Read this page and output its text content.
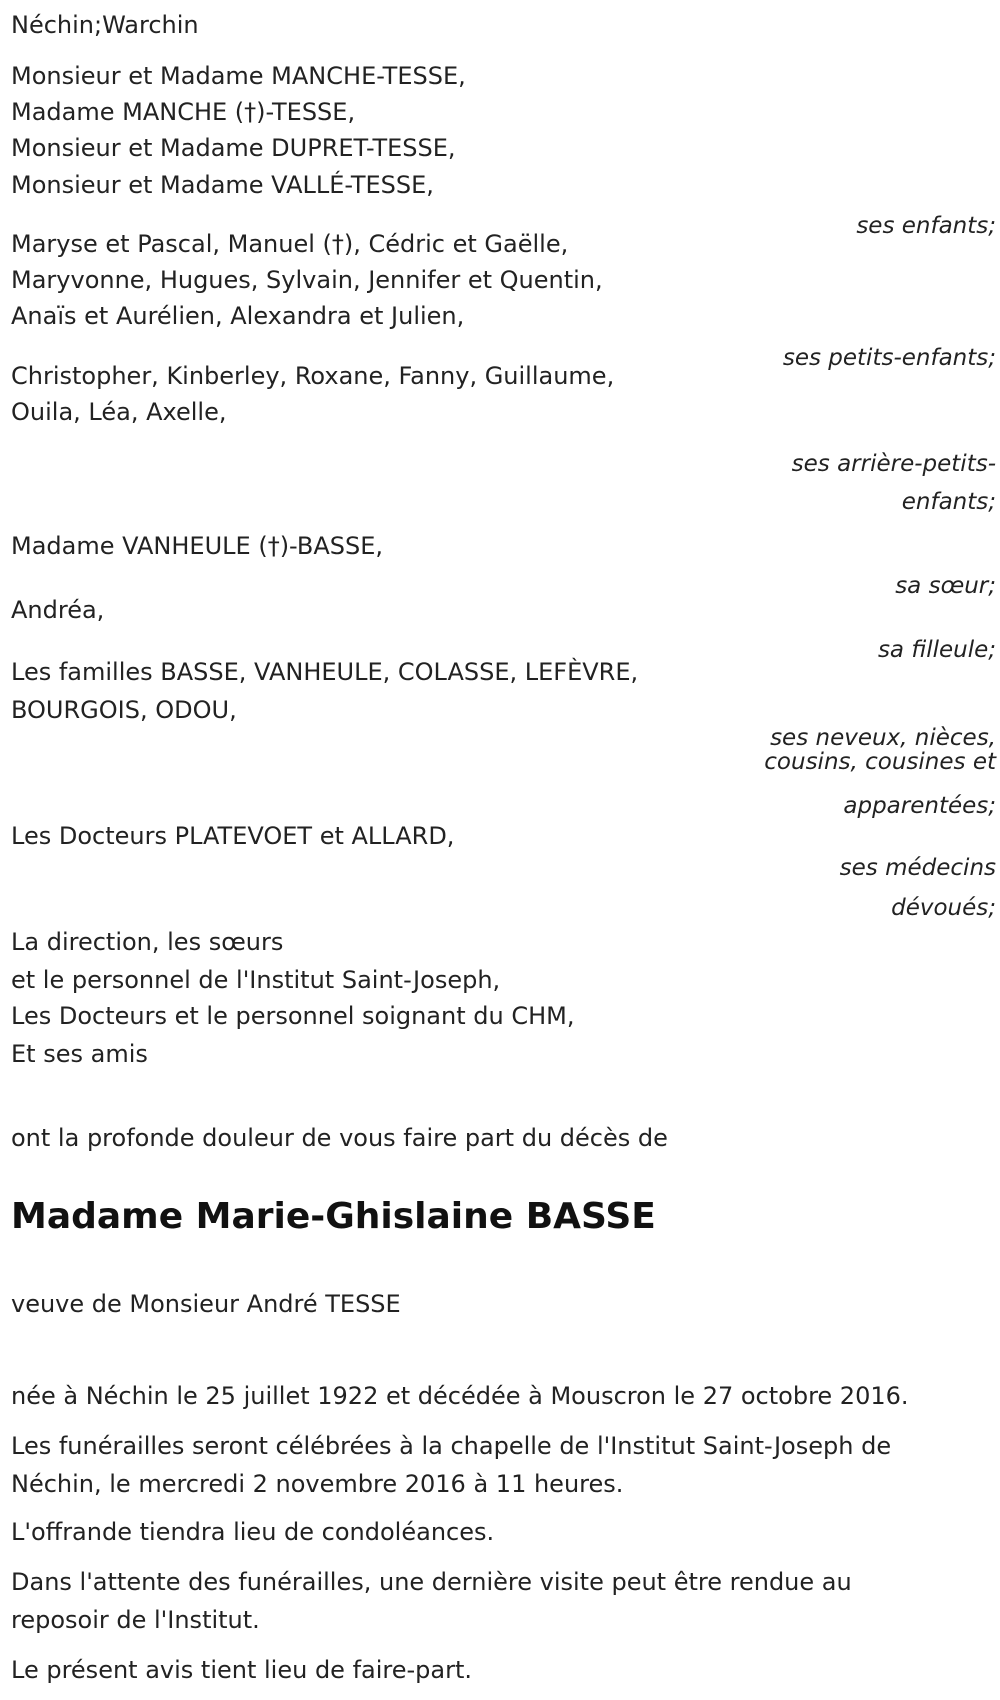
Néchin;Warchin
Monsieur et Madame MANCHE-TESSE,
Madame MANCHE (†)-TESSE,
Monsieur et Madame DUPRET-TESSE,
Monsieur et Madame VALLÉ-TESSE,
ses enfants;
Maryse et Pascal, Manuel (†), Cédric et Gaëlle,
Maryvonne, Hugues, Sylvain, Jennifer et Quentin,
Anaïs et Aurélien, Alexandra et Julien,
ses petits-enfants;
Christopher, Kinberley, Roxane, Fanny, Guillaume,
Ouila, Léa, Axelle,
ses arrière-petits-
enfants;
Madame VANHEULE (†)-BASSE,
sa sœur;
Andréa,
sa filleule;
Les familles BASSE, VANHEULE, COLASSE, LEFÈVRE,
BOURGOIS, ODOU,
ses neveux, nièces,
cousins, cousines et
apparentées;
Les Docteurs PLATEVOET et ALLARD,
ses médecins
dévoués;
La direction, les sœurs
et le personnel de l'Institut Saint-Joseph,
Les Docteurs et le personnel soignant du CHM,
Et ses amis
ont la profonde douleur de vous faire part du décès de
Madame Marie-Ghislaine BASSE
veuve de Monsieur André TESSE
née à Néchin le 25 juillet 1922 et décédée à Mouscron le 27 octobre 2016.
Les funérailles seront célébrées à la chapelle de l'Institut Saint-Joseph de
Néchin, le mercredi 2 novembre 2016 à 11 heures.
L'offrande tiendra lieu de condoléances.
Dans l'attente des funérailles, une dernière visite peut être rendue au
reposoir de l'Institut.
Le présent avis tient lieu de faire-part.
